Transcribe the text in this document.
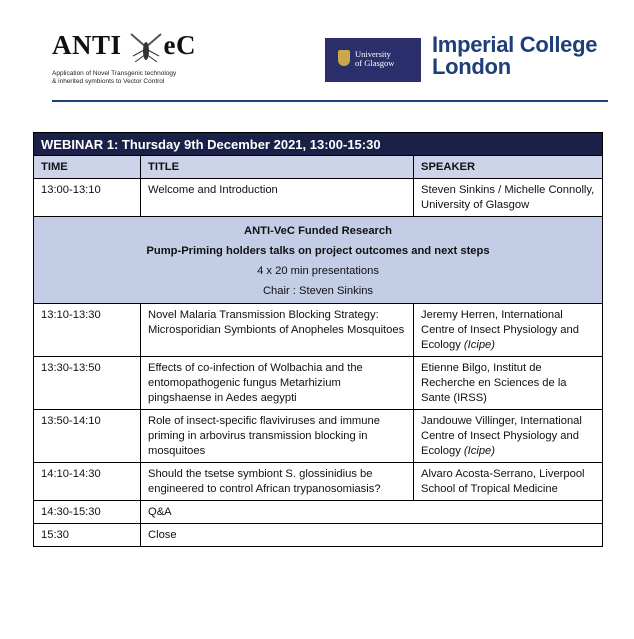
ANTI eC
Application of Novel Transgenic technology
& inherited symbionts to Vector Control
University
of Glasgow
Imperial College
London
WEBINAR 1: Thursday 9th December 2021, 13:00-15:30		
TIME	TITLE	SPEAKER
13:00-13:10	Welcome and Introduction	Steven Sinkins / Michelle Connolly, University of Glasgow

ANTI-VeC Funded Research
Pump-Priming holders talks on project outcomes and next steps
4 x 20 min presentations
Chair : Steven Sinkins		

13:10-13:30	Novel Malaria Transmission Blocking Strategy: Microsporidian Symbionts of Anopheles Mosquitoes	Jeremy Herren, International Centre of Insect Physiology and Ecology (Icipe)
13:30-13:50	Effects of co-infection of Wolbachia and the entomopathogenic fungus Metarhizium pingshaense in Aedes aegypti	Etienne Bilgo, Institut de Recherche en Sciences de la Sante (IRSS)
13:50-14:10	Role of insect-specific flaviviruses and immune priming in arbovirus transmission blocking in mosquitoes	Jandouwe Villinger, International Centre of Insect Physiology and Ecology (Icipe)
14:10-14:30	Should the tsetse symbiont S. glossinidius be engineered to control African trypanosomiasis?	Alvaro Acosta-Serrano, Liverpool School of Tropical Medicine
14:30-15:30	Q&A	
15:30	Close	
